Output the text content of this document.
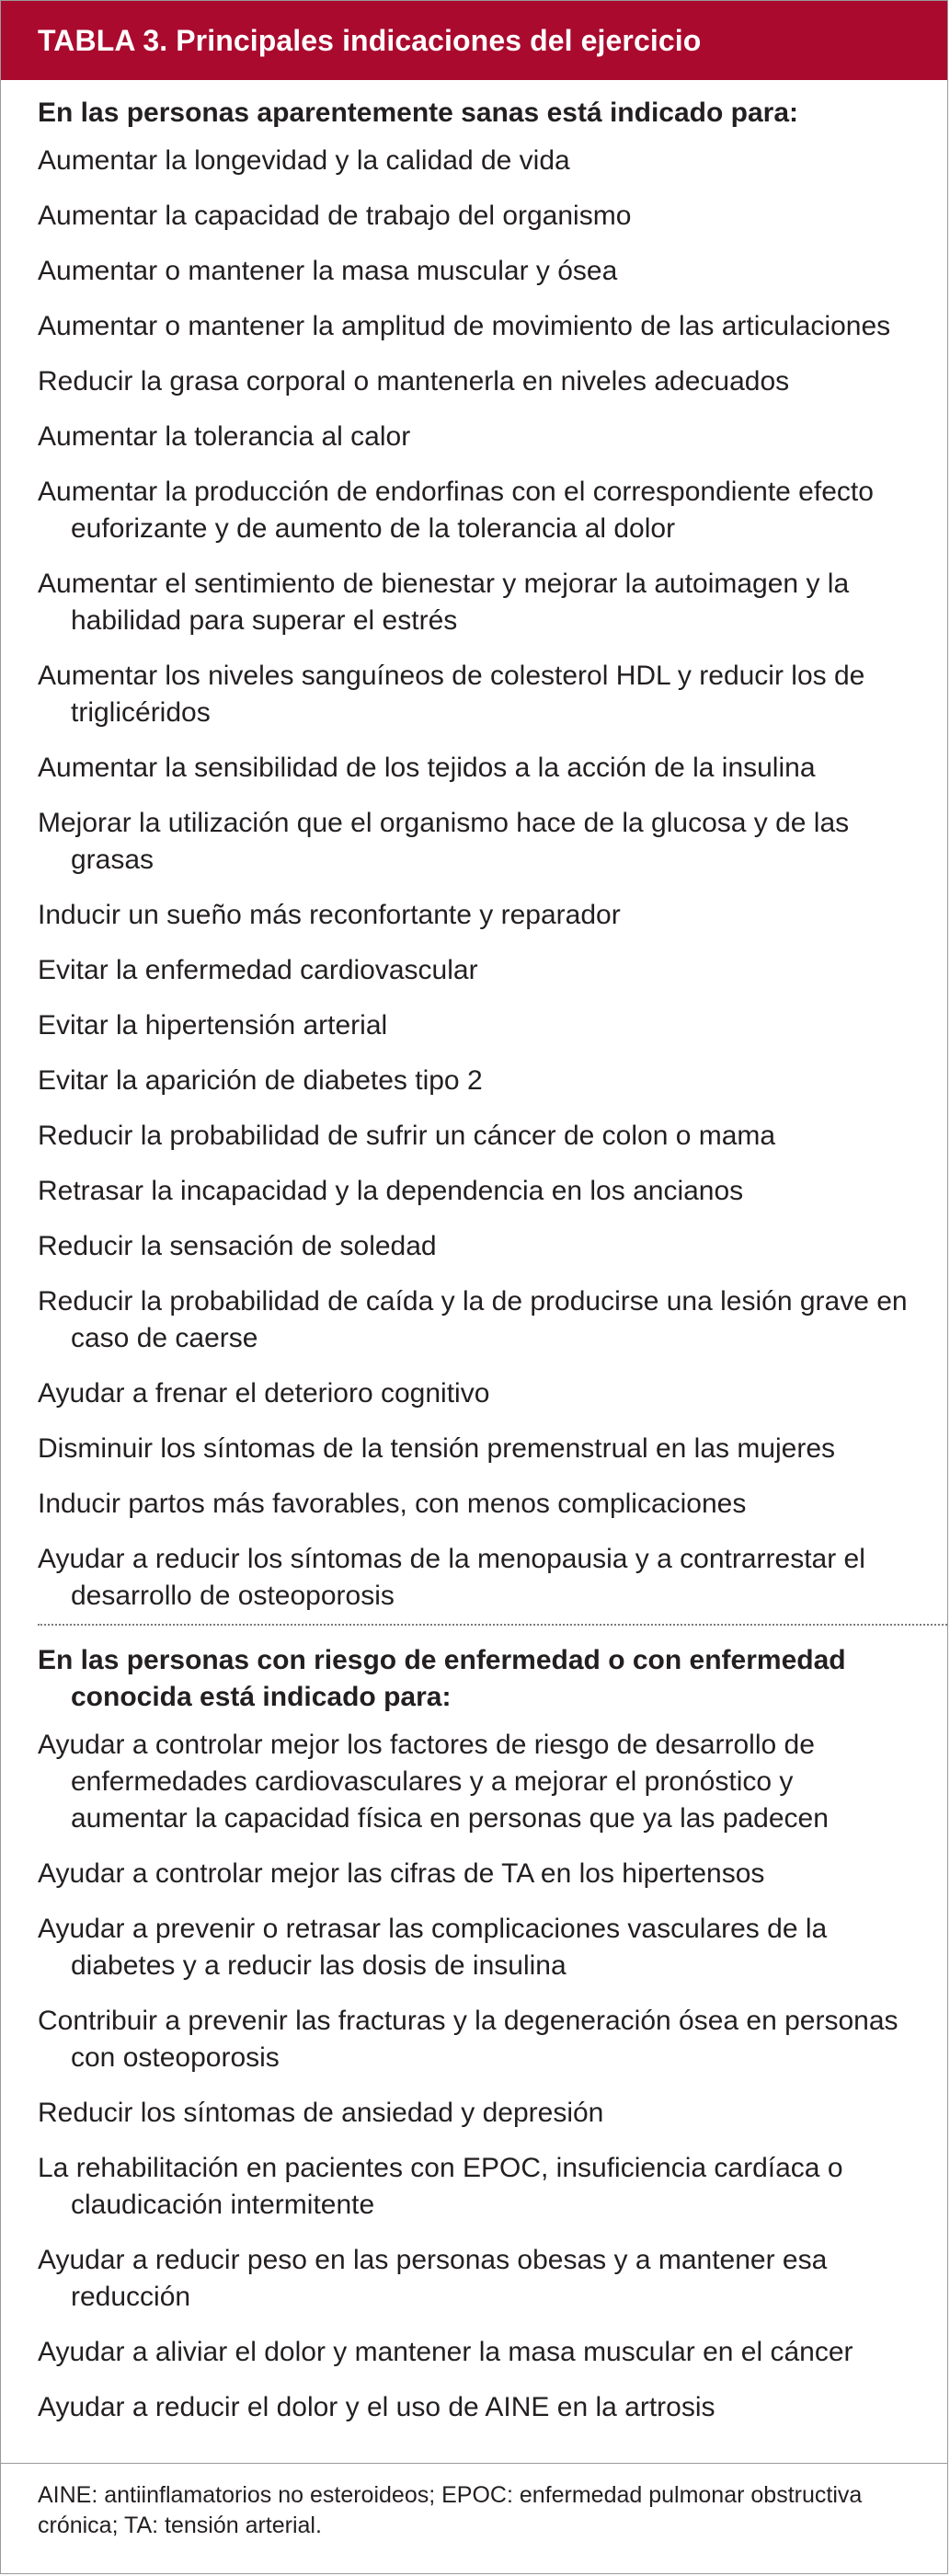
TABLA 3. Principales indicaciones del ejercicio
En las personas aparentemente sanas está indicado para:
Aumentar la longevidad y la calidad de vida
Aumentar la capacidad de trabajo del organismo
Aumentar o mantener la masa muscular y ósea
Aumentar o mantener la amplitud de movimiento de las articulaciones
Reducir la grasa corporal o mantenerla en niveles adecuados
Aumentar la tolerancia al calor
Aumentar la producción de endorfinas con el correspondiente efecto euforizante y de aumento de la tolerancia al dolor
Aumentar el sentimiento de bienestar y mejorar la autoimagen y la habilidad para superar el estrés
Aumentar los niveles sanguíneos de colesterol HDL y reducir los de triglicéridos
Aumentar la sensibilidad de los tejidos a la acción de la insulina
Mejorar la utilización que el organismo hace de la glucosa y de las grasas
Inducir un sueño más reconfortante y reparador
Evitar la enfermedad cardiovascular
Evitar la hipertensión arterial
Evitar la aparición de diabetes tipo 2
Reducir la probabilidad de sufrir un cáncer de colon o mama
Retrasar la incapacidad y la dependencia en los ancianos
Reducir la sensación de soledad
Reducir la probabilidad de caída y la de producirse una lesión grave en caso de caerse
Ayudar a frenar el deterioro cognitivo
Disminuir los síntomas de la tensión premenstrual en las mujeres
Inducir partos más favorables, con menos complicaciones
Ayudar a reducir los síntomas de la menopausia y a contrarrestar el desarrollo de osteoporosis
En las personas con riesgo de enfermedad o con enfermedad conocida está indicado para:
Ayudar a controlar mejor los factores de riesgo de desarrollo de enfermedades cardiovasculares y a mejorar el pronóstico y aumentar la capacidad física en personas que ya las padecen
Ayudar a controlar mejor las cifras de TA en los hipertensos
Ayudar a prevenir o retrasar las complicaciones vasculares de la diabetes y a reducir las dosis de insulina
Contribuir a prevenir las fracturas y la degeneración ósea en personas con osteoporosis
Reducir los síntomas de ansiedad y depresión
La rehabilitación en pacientes con EPOC, insuficiencia cardíaca o claudicación intermitente
Ayudar a reducir peso en las personas obesas y a mantener esa reducción
Ayudar a aliviar el dolor y mantener la masa muscular en el cáncer
Ayudar a reducir el dolor y el uso de AINE en la artrosis
AINE: antiinflamatorios no esteroideos; EPOC: enfermedad pulmonar obstructiva crónica; TA: tensión arterial.
